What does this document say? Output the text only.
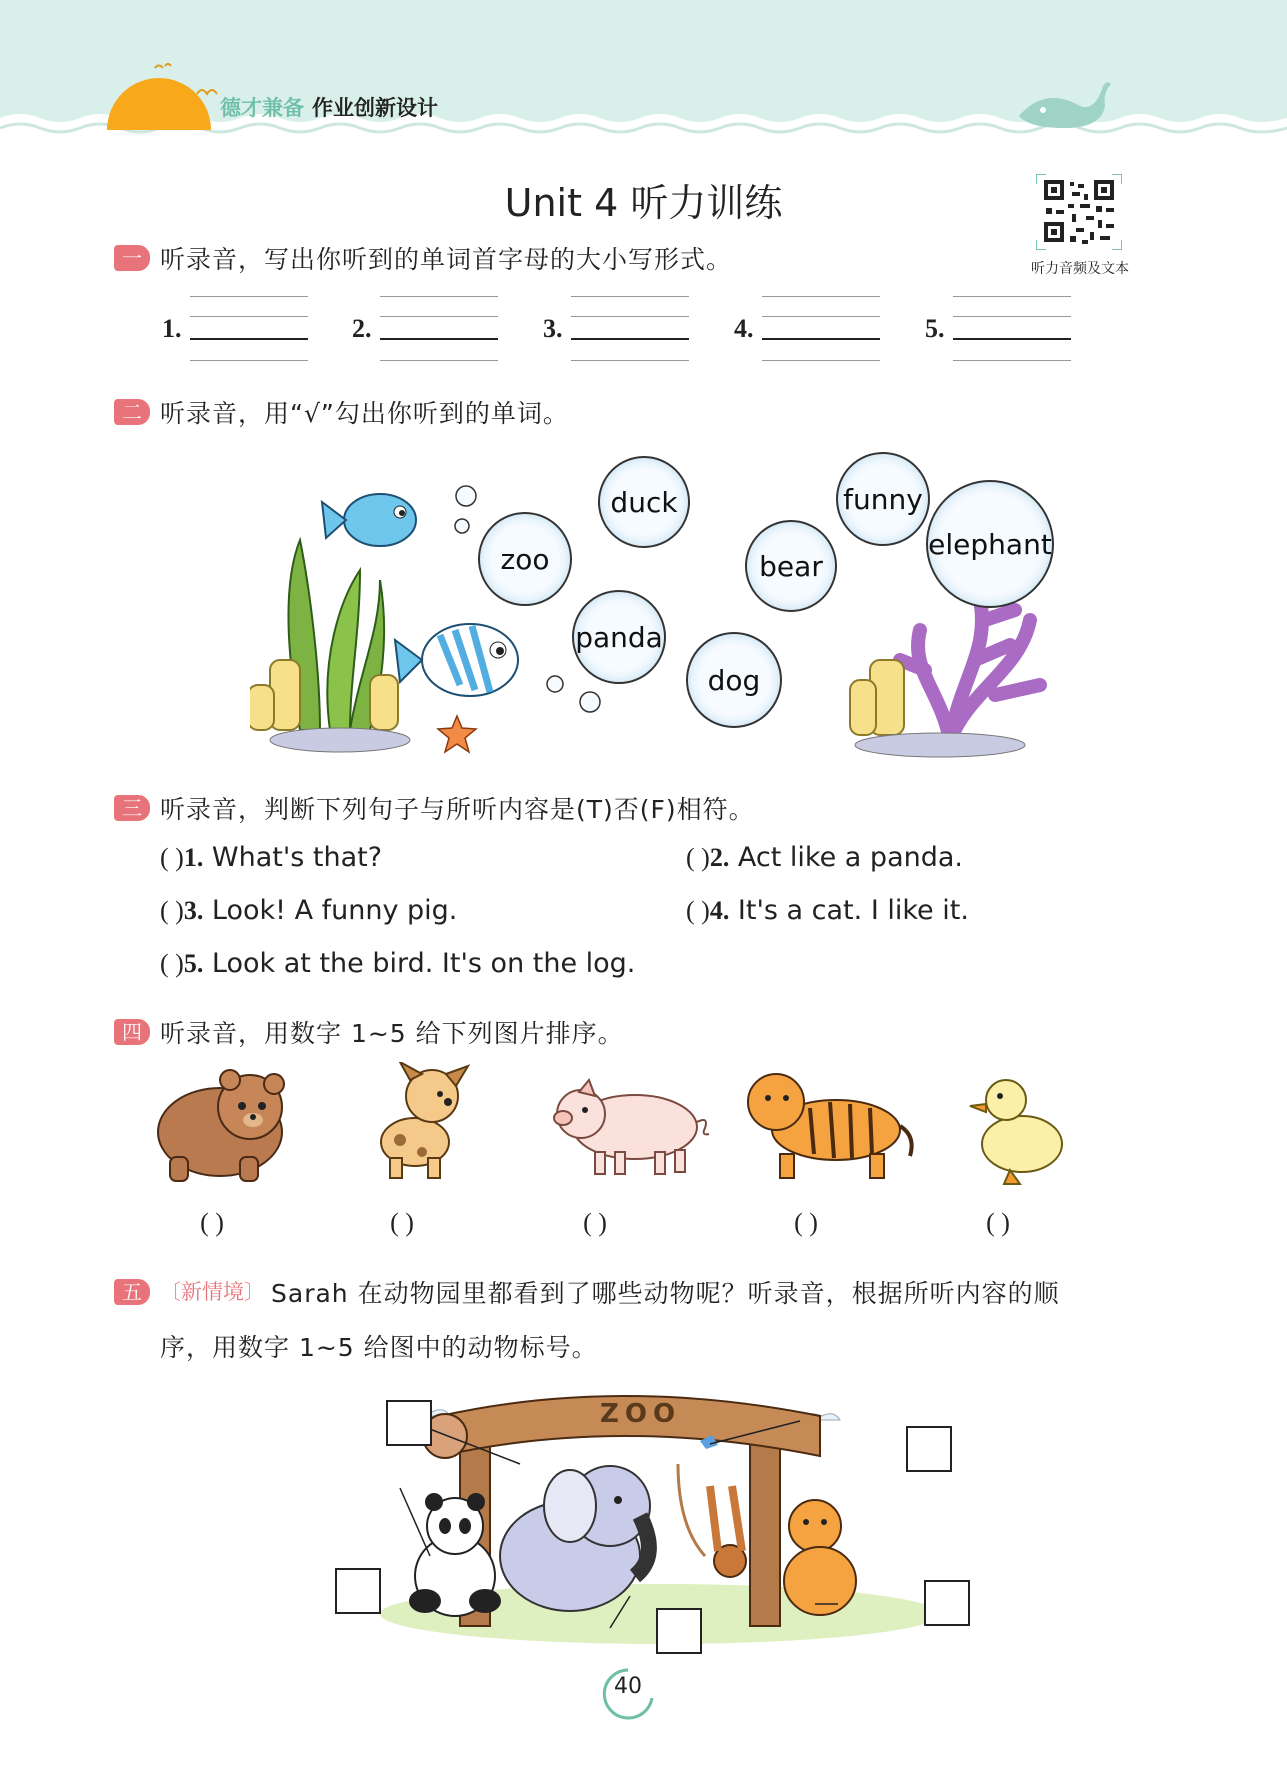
德才兼备 作业创新设计
Unit 4 听力训练
听力音频及文本
一 听录音，写出你听到的单词首字母的大小写形式。
1.	2.	3.	4.	5.
二 听录音，用“√”勾出你听到的单词。
duck
zoo
panda
dog
bear
funny
elephant
三 听录音，判断下列句子与所听内容是(T)否(F)相符。
( )1. What's that?	( )2. Act like a panda.
( )3. Look! A funny pig.	( )4. It's a cat. I like it.
( )5. Look at the bird. It's on the log.
四 听录音，用数字 1~5 给下列图片排序。
( )	( )	( )	( )	( )
五 〔新情境〕 Sarah 在动物园里都看到了哪些动物呢？听录音，根据所听内容的顺
序，用数字 1~5 给图中的动物标号。
ZOO
40
